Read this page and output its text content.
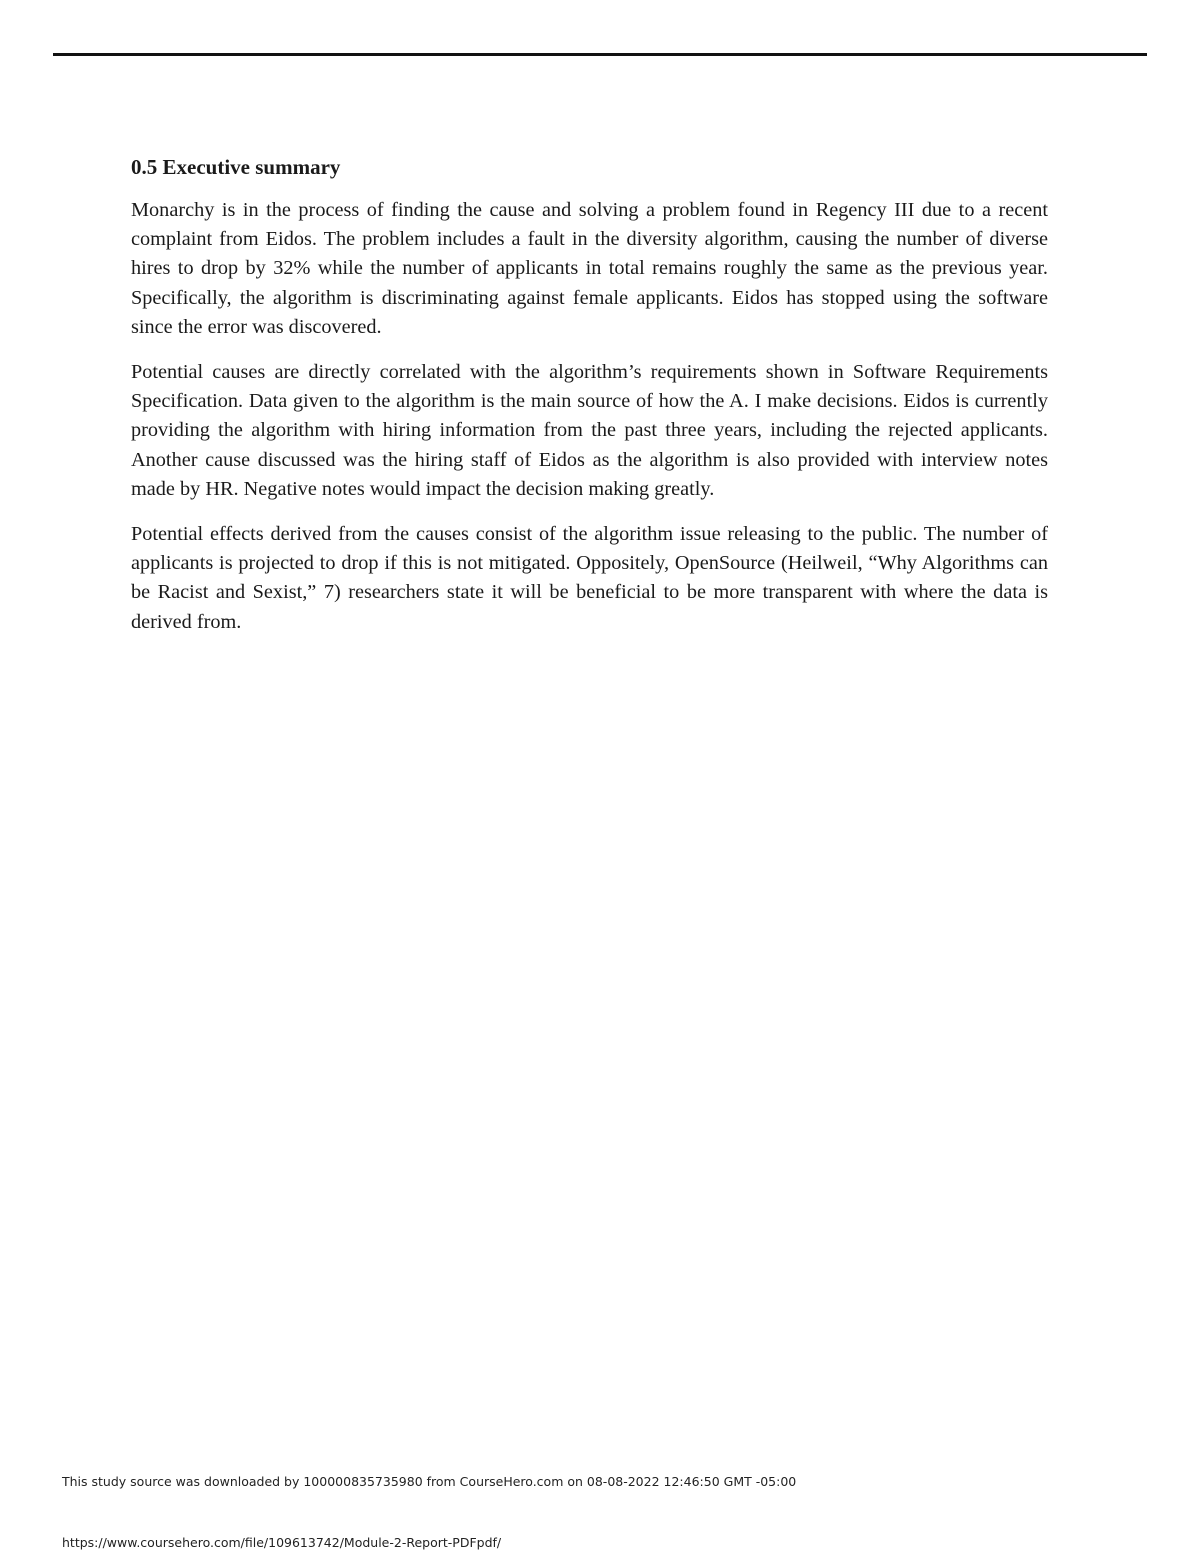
0.5 Executive summary

Monarchy is in the process of finding the cause and solving a problem found in Regency III due to a recent complaint from Eidos. The problem includes a fault in the diversity algorithm, causing the number of diverse hires to drop by 32% while the number of applicants in total remains roughly the same as the previous year. Specifically, the algorithm is discriminating against female applicants. Eidos has stopped using the software since the error was discovered.

Potential causes are directly correlated with the algorithm’s requirements shown in Software Requirements Specification. Data given to the algorithm is the main source of how the A. I make decisions. Eidos is currently providing the algorithm with hiring information from the past three years, including the rejected applicants. Another cause discussed was the hiring staff of Eidos as the algorithm is also provided with interview notes made by HR. Negative notes would impact the decision making greatly.

Potential effects derived from the causes consist of the algorithm issue releasing to the public. The number of applicants is projected to drop if this is not mitigated. Oppositely, OpenSource (Heilweil, “Why Algorithms can be Racist and Sexist,” 7) researchers state it will be beneficial to be more transparent with where the data is derived from.

This study source was downloaded by 100000835735980 from CourseHero.com on 08-08-2022 12:46:50 GMT -05:00
https://www.coursehero.com/file/109613742/Module-2-Report-PDFpdf/
